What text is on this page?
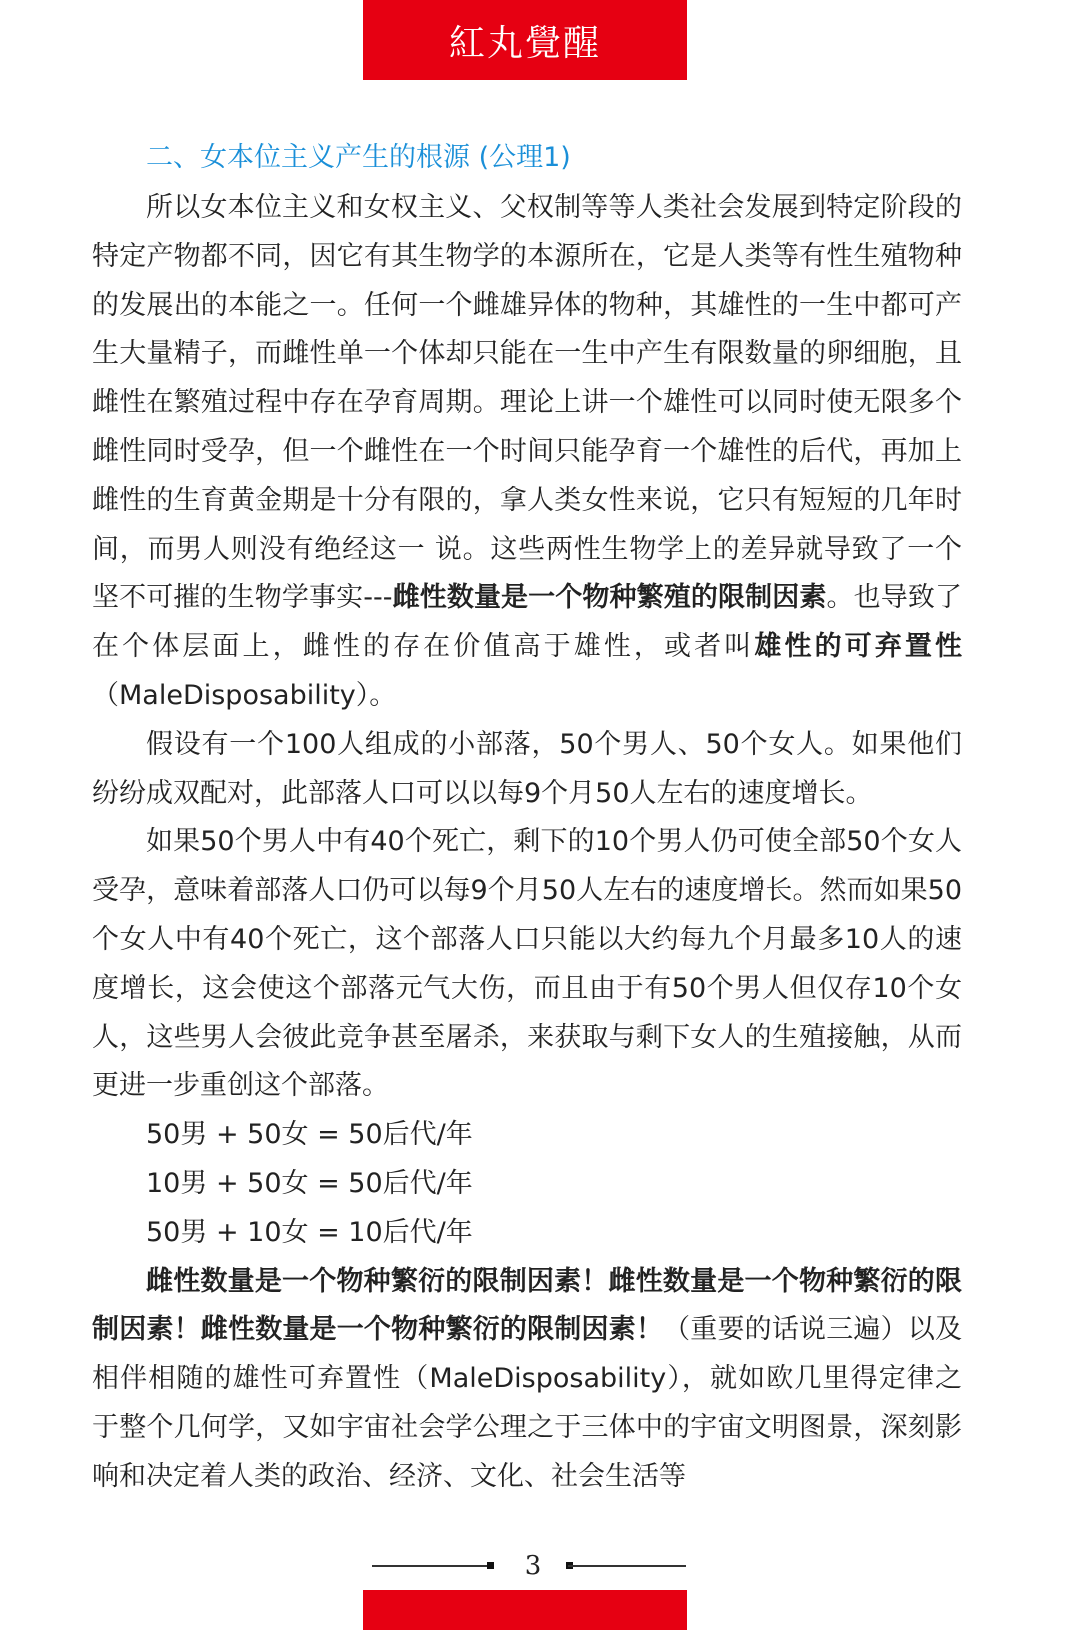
紅丸覺醒
二、女本位主义产生的根源 (公理1)

所以女本位主义和女权主义、父权制等等人类社会发展到特定阶段的特定产物都不同，因它有其生物学的本源所在，它是人类等有性生殖物种的发展出的本能之一。任何一个雌雄异体的物种，其雄性的一生中都可产生大量精子，而雌性单一个体却只能在一生中产生有限数量的卵细胞，且雌性在繁殖过程中存在孕育周期。理论上讲一个雄性可以同时使无限多个雌性同时受孕，但一个雌性在一个时间只能孕育一个雄性的后代，再加上雌性的生育黄金期是十分有限的，拿人类女性来说，它只有短短的几年时间，而男人则没有绝经这一 说。这些两性生物学上的差异就导致了一个坚不可摧的生物学事实---雌性数量是一个物种繁殖的限制因素。也导致了在个体层面上，雌性的存在价值高于雄性，或者叫雄性的可弃置性（MaleDisposability）。

假设有一个100人组成的小部落，50个男人、50个女人。如果他们纷纷成双配对，此部落人口可以以每9个月50人左右的速度增长。

如果50个男人中有40个死亡，剩下的10个男人仍可使全部50个女人受孕，意味着部落人口仍可以每9个月50人左右的速度增长。然而如果50个女人中有40个死亡，这个部落人口只能以大约每九个月最多10人的速度增长，这会使这个部落元气大伤，而且由于有50个男人但仅存10个女人，这些男人会彼此竞争甚至屠杀，来获取与剩下女人的生殖接触，从而更进一步重创这个部落。

50男 + 50女 = 50后代/年

10男 + 50女 = 50后代/年

50男 + 10女 = 10后代/年

雌性数量是一个物种繁衍的限制因素！雌性数量是一个物种繁衍的限制因素！雌性数量是一个物种繁衍的限制因素！（重要的话说三遍）以及相伴相随的雄性可弃置性（MaleDisposability），就如欧几里得定律之于整个几何学，又如宇宙社会学公理之于三体中的宇宙文明图景，深刻影响和决定着人类的政治、经济、文化、社会生活等

3
